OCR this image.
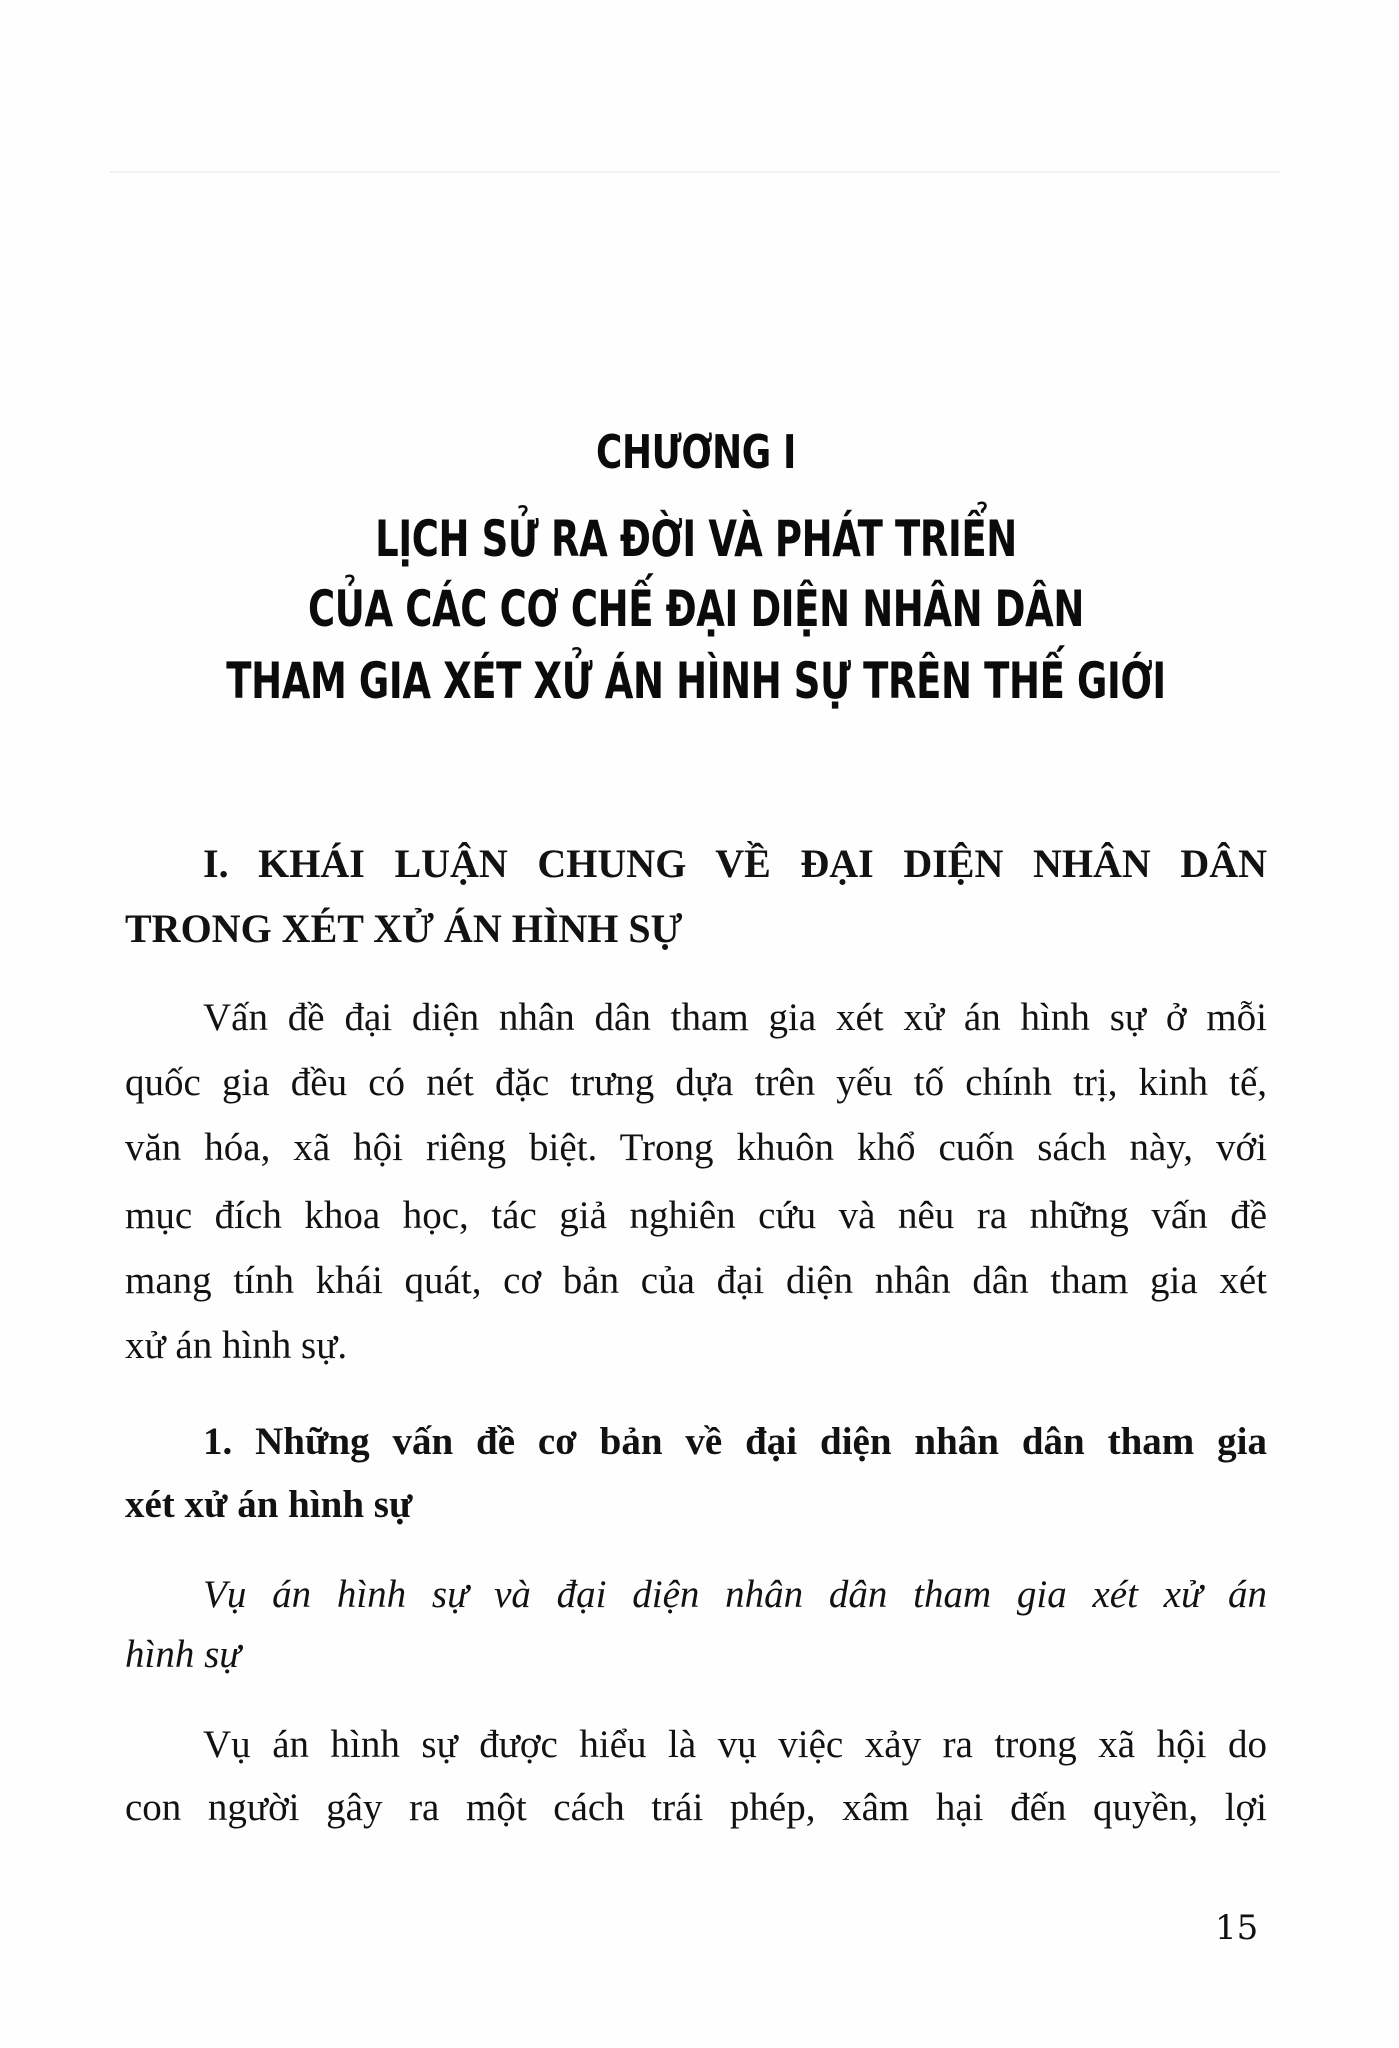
CHƯƠNG I
LỊCH SỬ RA ĐỜI VÀ PHÁT TRIỂN
CỦA CÁC CƠ CHẾ ĐẠI DIỆN NHÂN DÂN
THAM GIA XÉT XỬ ÁN HÌNH SỰ TRÊN THẾ GIỚI
I. KHÁI LUẬN CHUNG VỀ ĐẠI DIỆN NHÂN DÂN
TRONG XÉT XỬ ÁN HÌNH SỰ
Vấn đề đại diện nhân dân tham gia xét xử án hình sự ở mỗi
quốc gia đều có nét đặc trưng dựa trên yếu tố chính trị, kinh tế,
văn hóa, xã hội riêng biệt. Trong khuôn khổ cuốn sách này, với
mục đích khoa học, tác giả nghiên cứu và nêu ra những vấn đề
mang tính khái quát, cơ bản của đại diện nhân dân tham gia xét
xử án hình sự.
1. Những vấn đề cơ bản về đại diện nhân dân tham gia
xét xử án hình sự
Vụ án hình sự và đại diện nhân dân tham gia xét xử án
hình sự
Vụ án hình sự được hiểu là vụ việc xảy ra trong xã hội do
con người gây ra một cách trái phép, xâm hại đến quyền, lợi
15
